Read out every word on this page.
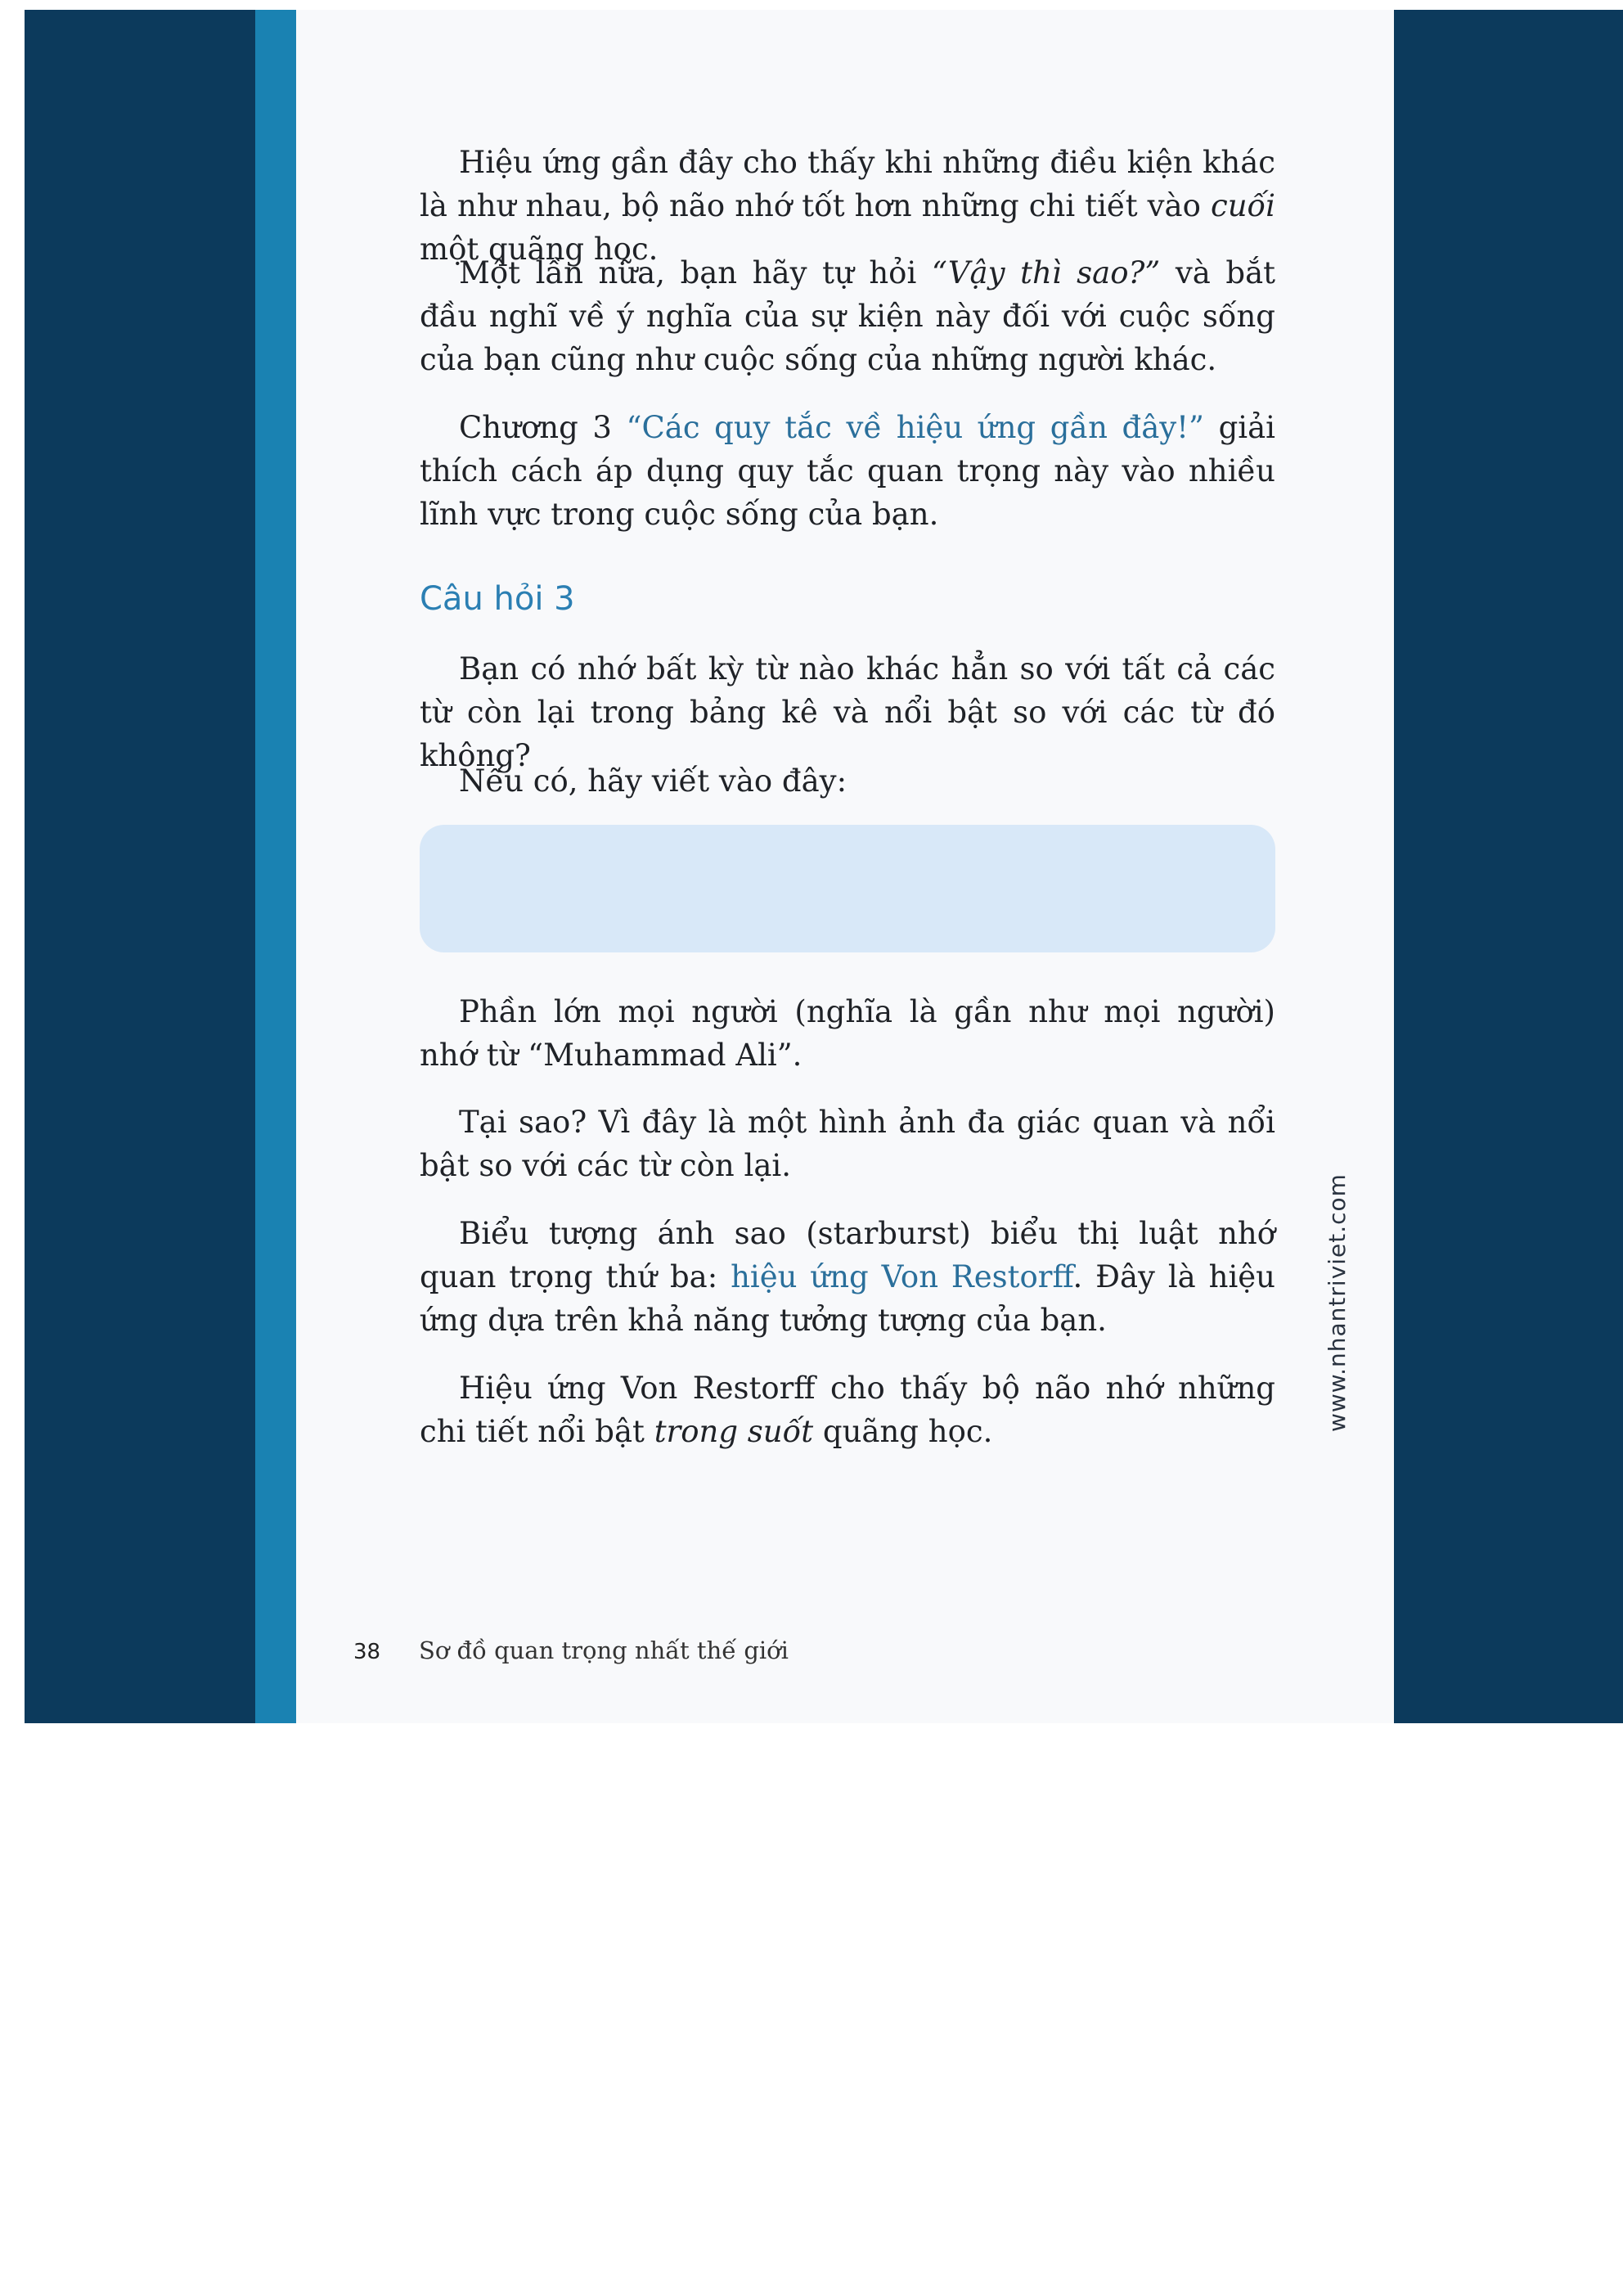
Hiệu ứng gần đây cho thấy khi những điều kiện khác là như nhau, bộ não nhớ tốt hơn những chi tiết vào cuối một quãng học.

Một lần nữa, bạn hãy tự hỏi “Vậy thì sao?” và bắt đầu nghĩ về ý nghĩa của sự kiện này đối với cuộc sống của bạn cũng như cuộc sống của những người khác.

Chương 3 “Các quy tắc về hiệu ứng gần đây!” giải thích cách áp dụng quy tắc quan trọng này vào nhiều lĩnh vực trong cuộc sống của bạn.

Câu hỏi 3

Bạn có nhớ bất kỳ từ nào khác hẳn so với tất cả các từ còn lại trong bảng kê và nổi bật so với các từ đó không?

Nếu có, hãy viết vào đây:

Phần lớn mọi người (nghĩa là gần như mọi người) nhớ từ “Muhammad Ali”.

Tại sao? Vì đây là một hình ảnh đa giác quan và nổi bật so với các từ còn lại.

Biểu tượng ánh sao (starburst) biểu thị luật nhớ quan trọng thứ ba: hiệu ứng Von Restorff. Đây là hiệu ứng dựa trên khả năng tưởng tượng của bạn.

Hiệu ứng Von Restorff cho thấy bộ não nhớ những chi tiết nổi bật trong suốt quãng học.

38 Sơ đồ quan trọng nhất thế giới
www.nhantriviet.com
